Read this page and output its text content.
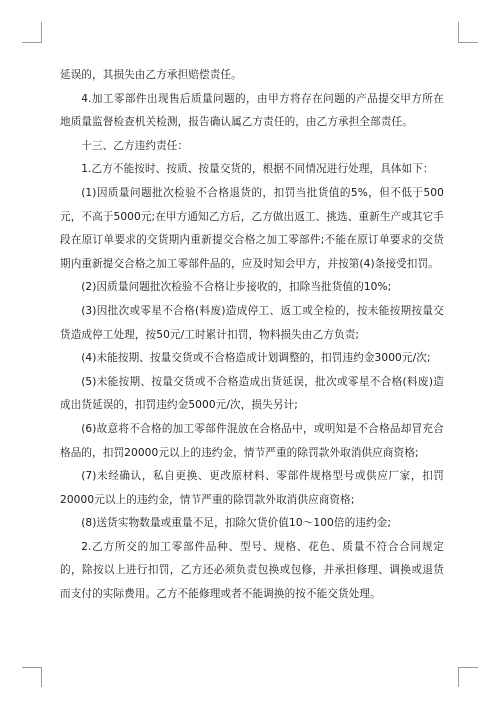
延误的，其损失由乙方承担赔偿责任。

4.加工零部件出现售后质量问题的，由甲方将存在问题的产品提交甲方所在地质量监督检查机关检测，报告确认属乙方责任的，由乙方承担全部责任。

十三、乙方违约责任：

1.乙方不能按时、按质、按量交货的，根据不同情况进行处理，具体如下：

(1)因质量问题批次检验不合格退货的，扣罚当批货值的5%，但不低于500元，不高于5000元;在甲方通知乙方后，乙方做出返工、挑选、重新生产或其它手段在原订单要求的交货期内重新提交合格之加工零部件;不能在原订单要求的交货期内重新提交合格之加工零部件品的，应及时知会甲方，并按第(4)条接受扣罚。

(2)因质量问题批次检验不合格让步接收的，扣除当批货值的10%;

(3)因批次或零星不合格(料废)造成停工、返工或全检的，按未能按期按量交货造成停工处理，按50元/工时累计扣罚，物料损失由乙方负责;

(4)未能按期、按量交货或不合格造成计划调整的，扣罚违约金3000元/次;

(5)未能按期、按量交货或不合格造成出货延误，批次或零星不合格(料废)造成出货延误的，扣罚违约金5000元/次，损失另计;

(6)故意将不合格的加工零部件混放在合格品中，或明知是不合格品却冒充合格品的，扣罚20000元以上的违约金，情节严重的除罚款外取消供应商资格;

(7)未经确认，私自更换、更改原材料、零部件规格型号或供应厂家，扣罚20000元以上的违约金，情节严重的除罚款外取消供应商资格;

(8)送货实物数量或重量不足，扣除欠货价值10～100倍的违约金;

2.乙方所交的加工零部件品种、型号、规格、花色、质量不符合合同规定的，除按以上进行扣罚，乙方还必须负责包换或包修，并承担修理、调换或退货而支付的实际费用。乙方不能修理或者不能调换的按不能交货处理。
